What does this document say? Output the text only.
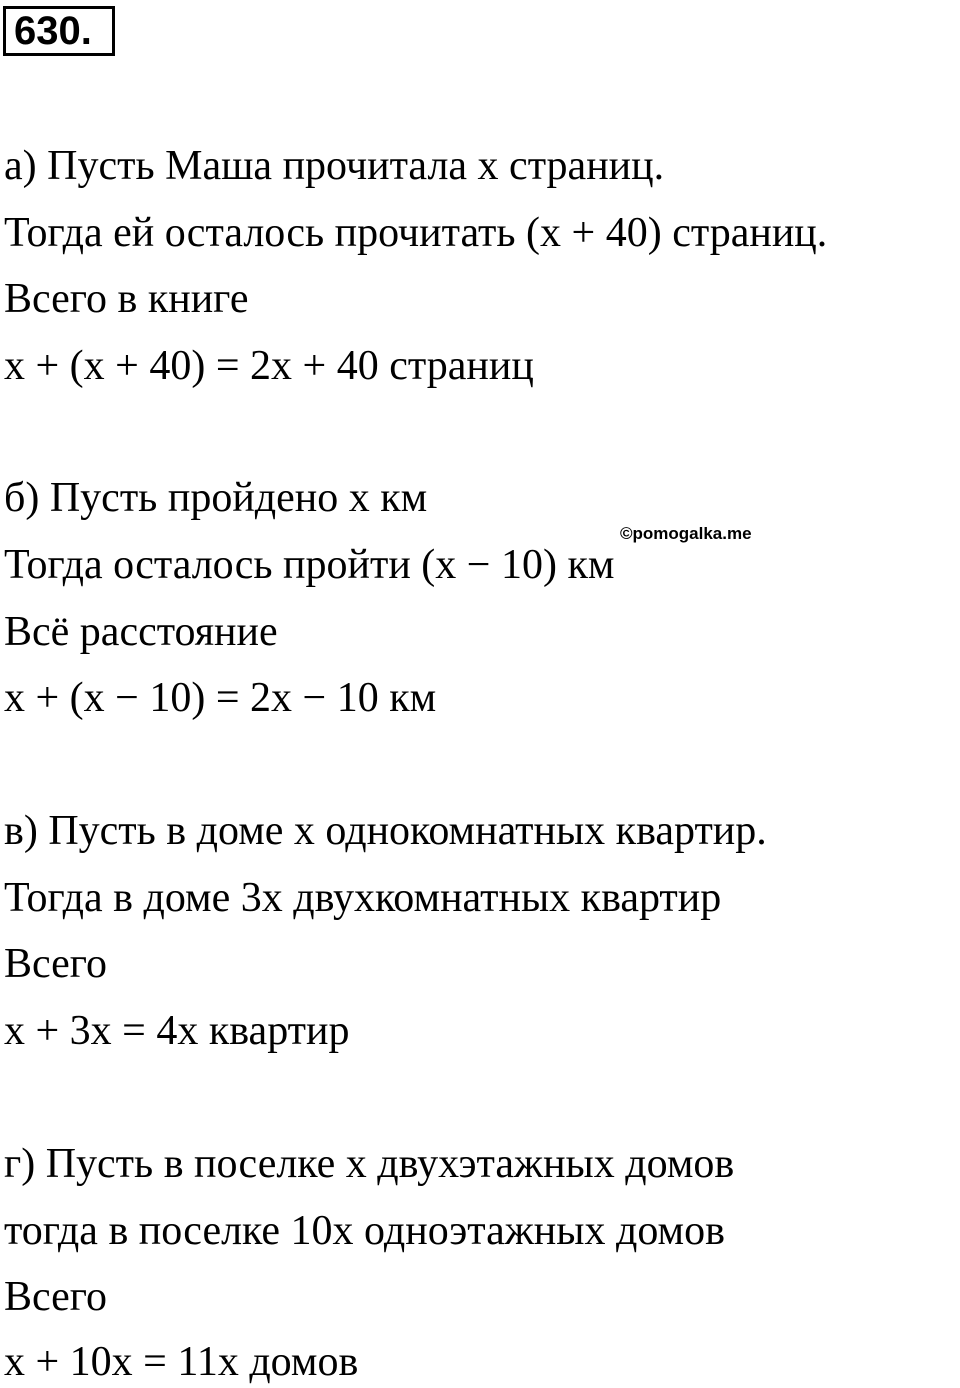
630.
а) Пусть Маша прочитала x страниц.
Тогда ей осталось прочитать (x + 40) страниц.
Всего в книге
x + (x + 40) = 2x + 40 страниц
б) Пусть пройдено x км
©pomogalka.me
Тогда осталось пройти (x − 10) км
Всё расстояние
x + (x − 10) = 2x − 10 км
в) Пусть в доме x однокомнатных квартир.
Тогда в доме 3x двухкомнатных квартир
Всего
x + 3x = 4x квартир
г) Пусть в поселке x двухэтажных домов
тогда в поселке 10x одноэтажных домов
Всего
x + 10x = 11x домов
